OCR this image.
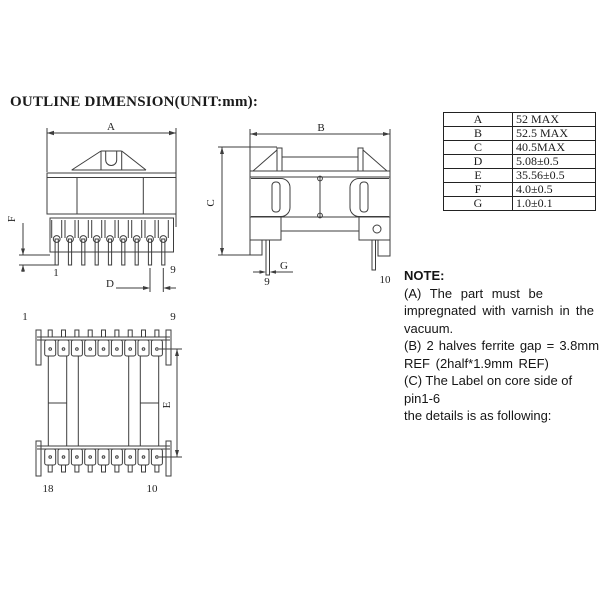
OUTLINE DIMENSION(UNIT:mm):
A
F
1	9
D
B
C
G
9	10
1	9
18	10
E
A	52 MAX
B	52.5 MAX
C	40.5MAX
D	5.08±0.5
E	35.56±0.5
F	4.0±0.5
G	1.0±0.1
NOTE:
(A) The part must be
impregnated with varnish in the
vacuum.
(B) 2 halves ferrite gap = 3.8mm
REF (2half*1.9mm REF)
(C) The Label on core side of pin1-6
the details is as following:
